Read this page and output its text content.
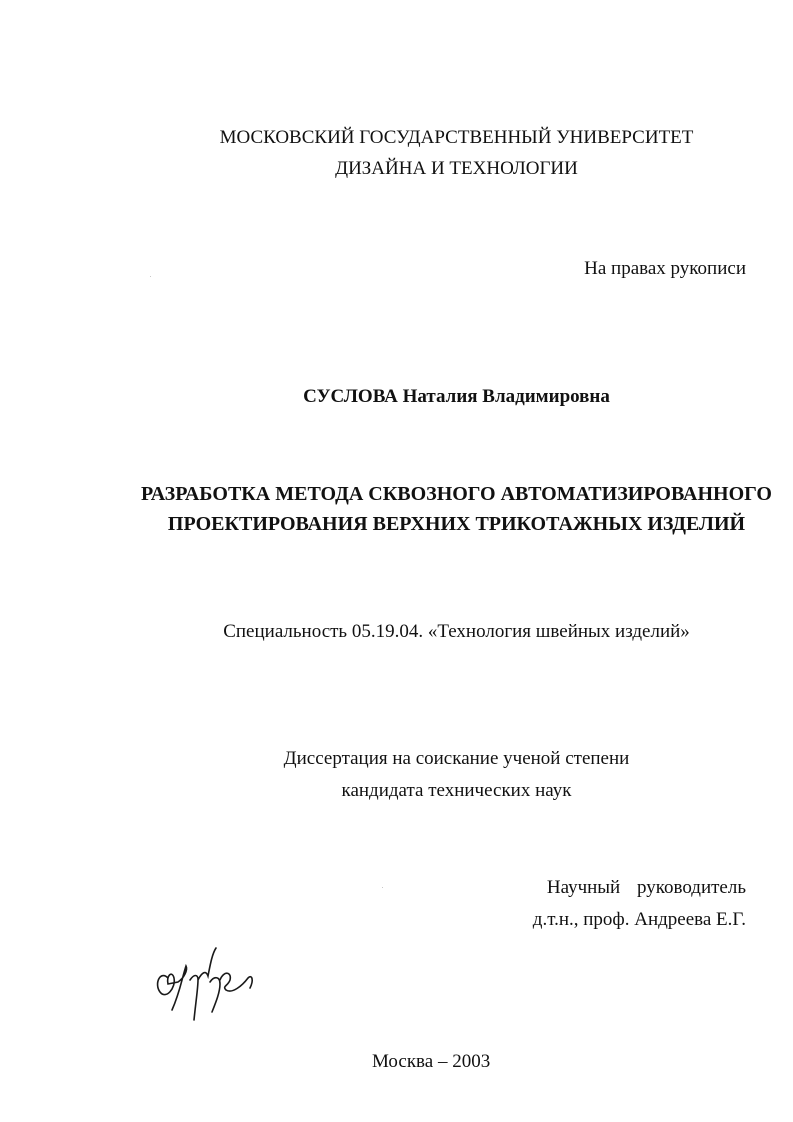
МОСКОВСКИЙ ГОСУДАРСТВЕННЫЙ УНИВЕРСИТЕТ
ДИЗАЙНА И ТЕХНОЛОГИИ
На правах рукописи
СУСЛОВА Наталия Владимировна
РАЗРАБОТКА МЕТОДА СКВОЗНОГО АВТОМАТИЗИРОВАННОГО
ПРОЕКТИРОВАНИЯ ВЕРХНИХ ТРИКОТАЖНЫХ ИЗДЕЛИЙ
Специальность 05.19.04. «Технология швейных изделий»
Диссертация на соискание ученой степени
кандидата технических наук
Научный руководитель
д.т.н., проф. Андреева Е.Г.
Москва – 2003
